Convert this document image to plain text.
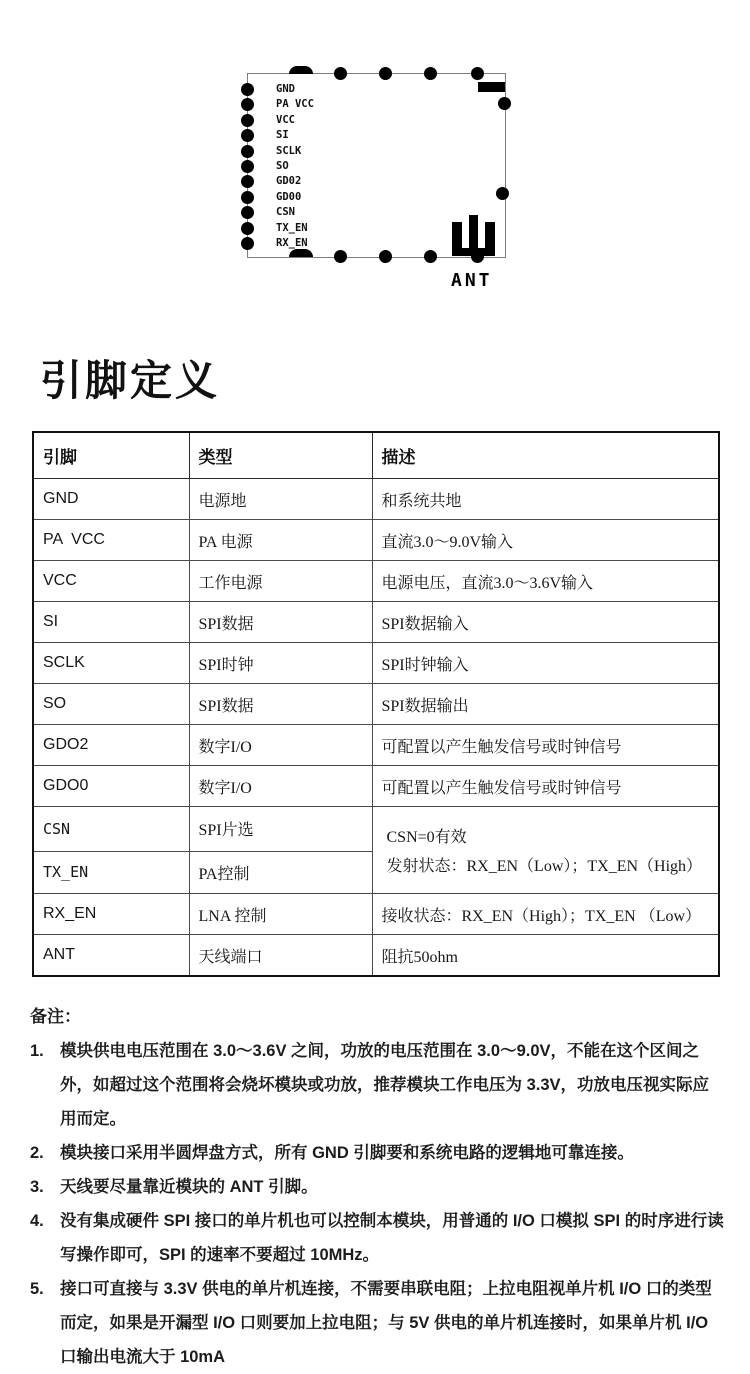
GND
PA VCC
VCC
SI
SCLK
SO
GD02
GD00
CSN
TX_EN
RX_EN
ANT
引脚定义
引脚	类型	描述
GND	电源地	和系统共地
PA  VCC	PA 电源	直流3.0～9.0V输入
VCC	工作电源	电源电压，直流3.0～3.6V输入
SI	SPI数据	SPI数据输入
SCLK	SPI时钟	SPI时钟输入
SO	SPI数据	SPI数据输出
GDO2	数字I/O	可配置以产生触发信号或时钟信号
GDO0	数字I/O	可配置以产生触发信号或时钟信号
CSN	SPI片选	CSN=0有效
TX_EN	PA控制	发射状态：RX_EN（Low）；TX_EN（High）
RX_EN	LNA 控制	接收状态：RX_EN（High）；TX_EN （Low）
ANT	天线端口	阻抗50ohm
备注：
1. 模块供电电压范围在 3.0～3.6V 之间，功放的电压范围在 3.0～9.0V，不能在这个区间之外，如超过这个范围将会烧坏模块或功放，推荐模块工作电压为 3.3V，功放电压视实际应用而定。
2. 模块接口采用半圆焊盘方式，所有 GND 引脚要和系统电路的逻辑地可靠连接。
3. 天线要尽量靠近模块的 ANT 引脚。
4. 没有集成硬件 SPI 接口的单片机也可以控制本模块，用普通的 I/O 口模拟 SPI 的时序进行读写操作即可，SPI 的速率不要超过 10MHz。
5. 接口可直接与 3.3V 供电的单片机连接，不需要串联电阻；上拉电阻视单片机 I/O 口的类型而定，如果是开漏型 I/O 口则要加上拉电阻；与 5V 供电的单片机连接时，如果单片机 I/O 口输出电流大于 10mA
